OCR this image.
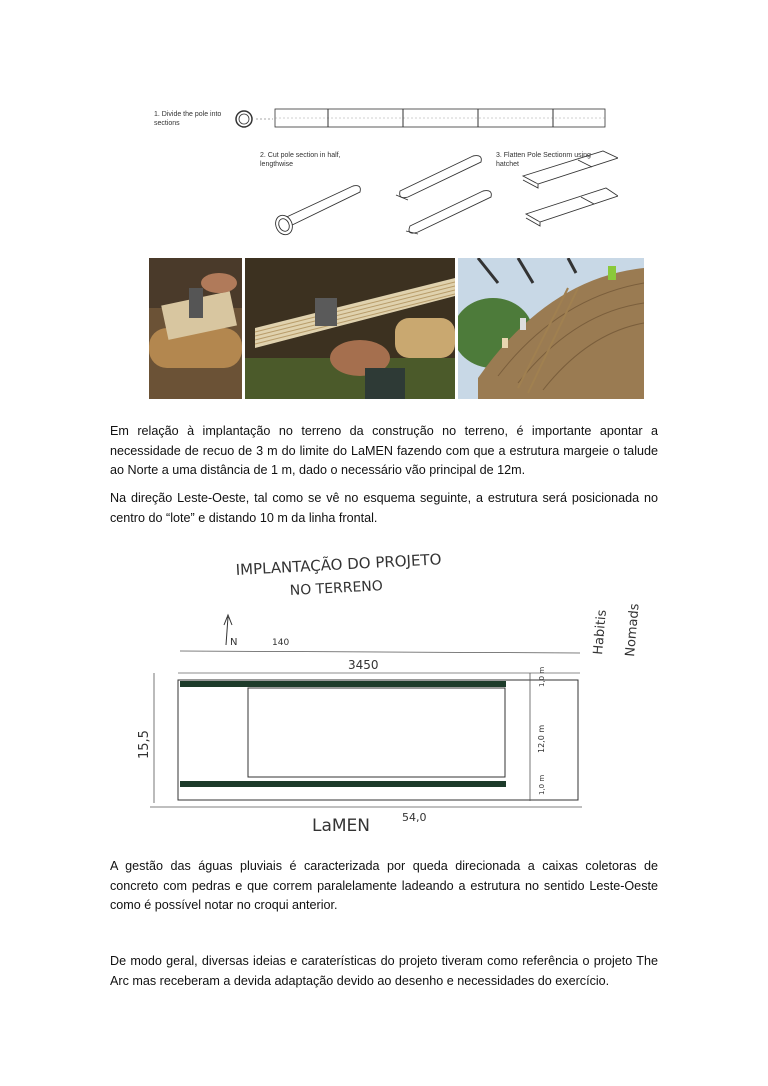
1. Divide the pole into sections
2. Cut pole section in half, lengthwise
3. Flatten Pole Sectionm using hatchet

Em relação à implantação no terreno da construção no terreno, é importante apontar a necessidade de recuo de 3 m do limite do LaMEN fazendo com que a estrutura margeie o talude ao Norte a uma distância de 1 m, dado o necessário vão principal de 12m.

Na direção Leste-Oeste, tal como se vê no esquema seguinte, a estrutura será posicionada no centro do “lote” e distando 10 m da linha frontal.

IMPLANTAÇÃO DO PROJETO
NO TERRENO
N	140	Habitis Nomads
3450
1,0 m
12,0 m
1,0 m
15,5
LaMEN	54,0

A gestão das águas pluviais é caracterizada por queda direcionada a caixas coletoras de concreto com pedras e que correm paralelamente ladeando a estrutura no sentido Leste-Oeste como é possível notar no croqui anterior.

De modo geral, diversas ideias e caraterísticas do projeto tiveram como referência o projeto The Arc mas receberam a devida adaptação devido ao desenho e necessidades do exercício.
